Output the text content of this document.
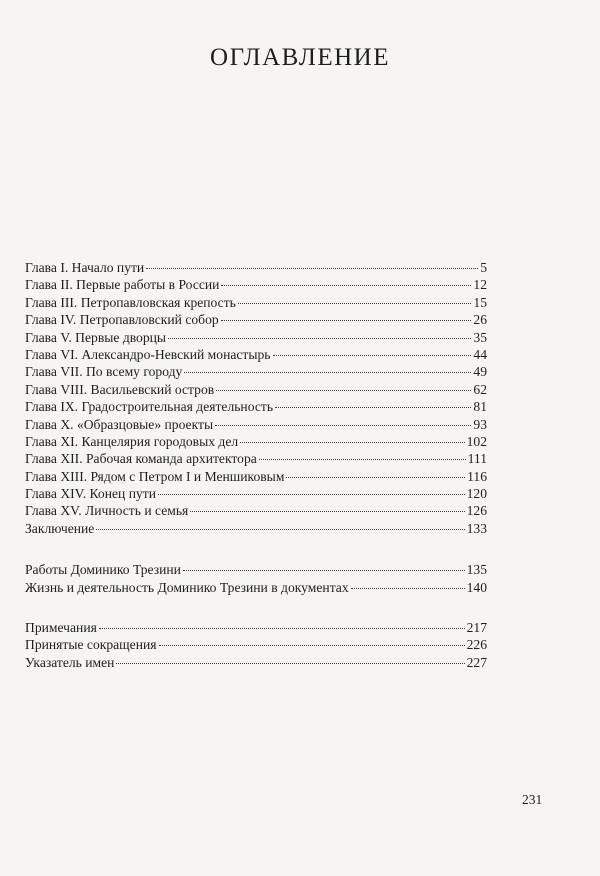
ОГЛАВЛЕНИЕ
Глава I. Начало пути	5
Глава II. Первые работы в России	12
Глава III. Петропавловская крепость	15
Глава IV. Петропавловский собор	26
Глава V. Первые дворцы	35
Глава VI. Александро-Невский монастырь	44
Глава VII. По всему городу	49
Глава VIII. Васильевский остров	62
Глава IX. Градостроительная деятельность	81
Глава X. «Образцовые» проекты	93
Глава XI. Канцелярия городовых дел	102
Глава XII. Рабочая команда архитектора	111
Глава XIII. Рядом с Петром I и Меншиковым	116
Глава XIV. Конец пути	120
Глава XV. Личность и семья	126
Заключение	133
Работы Доминико Трезини	135
Жизнь и деятельность Доминико Трезини в документах	140
Примечания	217
Принятые сокращения	226
Указатель имен	227
231
